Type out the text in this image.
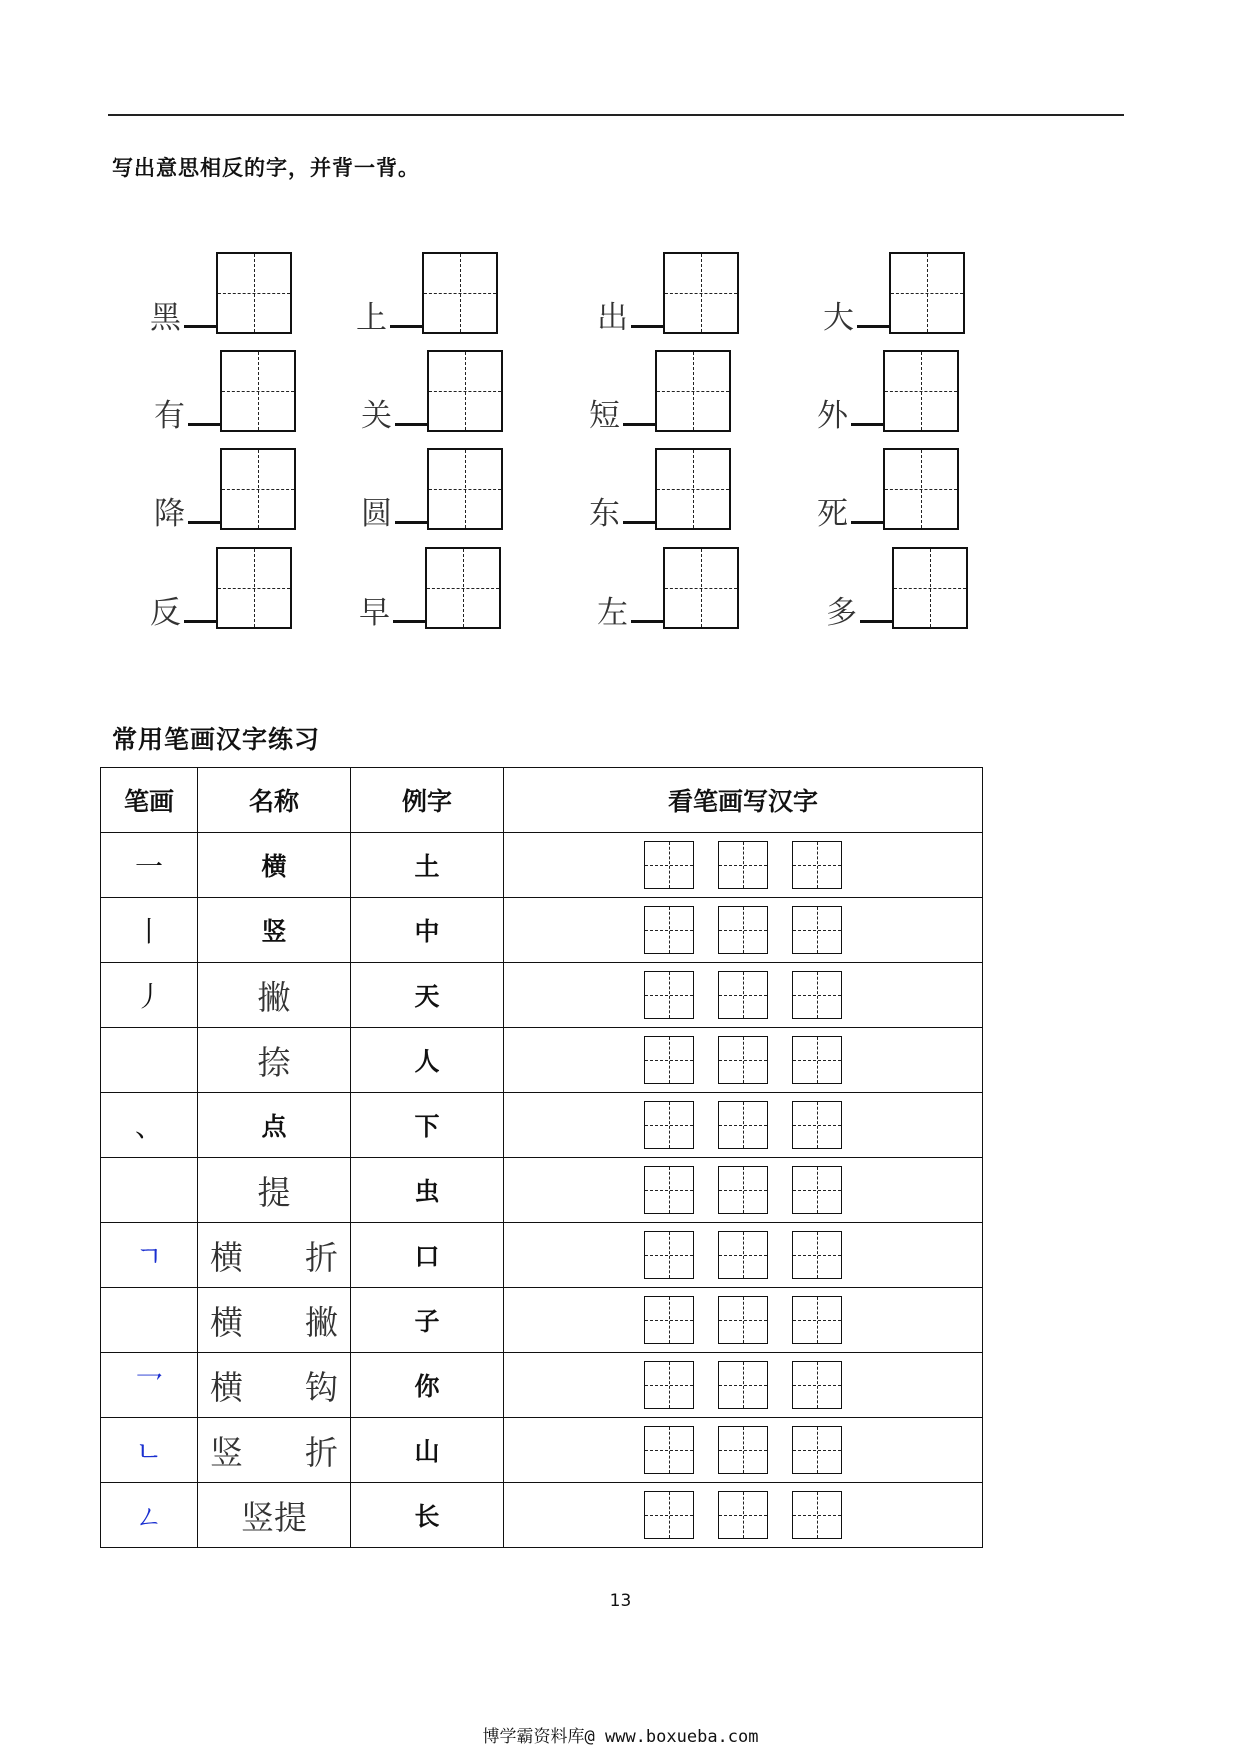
写出意思相反的字，并背一背。
黑	上	出	大
有	关	短	外
降	圆	东	死
反	早	左	多
常用笔画汉字练习
笔画	名称	例字	看笔画写汉字
一	横	土	

丨	竖	中	

丿	撇	天	

	捺	人	

、	点	下	

	提	虫	

ㄱ	横 折	口	

	横 撇	子	

乛	横 钩	你	

ㄴ	竖 折	山	

ㄥ	竖提	长	
13
博学霸资料库@ www.boxueba.com
